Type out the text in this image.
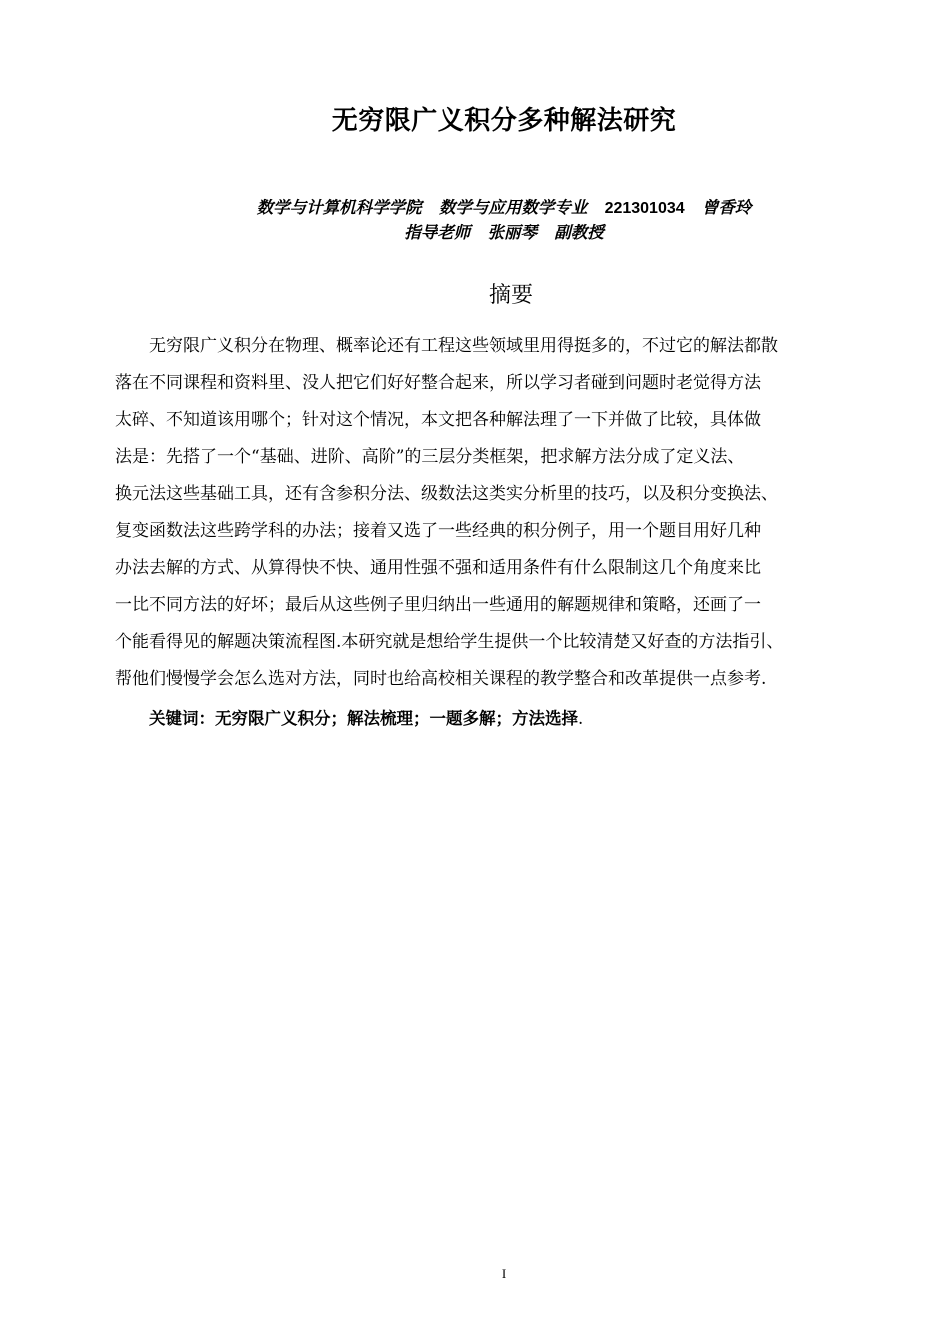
无穷限广义积分多种解法研究
数学与计算机科学学院 数学与应用数学专业 221301034 曾香玲
指导老师 张丽琴 副教授
摘要
无穷限广义积分在物理、概率论还有工程这些领域里用得挺多的，不过它的解法都散
落在不同课程和资料里、没人把它们好好整合起来，所以学习者碰到问题时老觉得方法
太碎、不知道该用哪个；针对这个情况，本文把各种解法理了一下并做了比较，具体做
法是：先搭了一个“基础、进阶、高阶”的三层分类框架，把求解方法分成了定义法、
换元法这些基础工具，还有含参积分法、级数法这类实分析里的技巧，以及积分变换法、
复变函数法这些跨学科的办法；接着又选了一些经典的积分例子，用一个题目用好几种
办法去解的方式、从算得快不快、通用性强不强和适用条件有什么限制这几个角度来比
一比不同方法的好坏；最后从这些例子里归纳出一些通用的解题规律和策略，还画了一
个能看得见的解题决策流程图.本研究就是想给学生提供一个比较清楚又好查的方法指引、
帮他们慢慢学会怎么选对方法，同时也给高校相关课程的教学整合和改革提供一点参考.
关键词：无穷限广义积分；解法梳理；一题多解；方法选择.
I
